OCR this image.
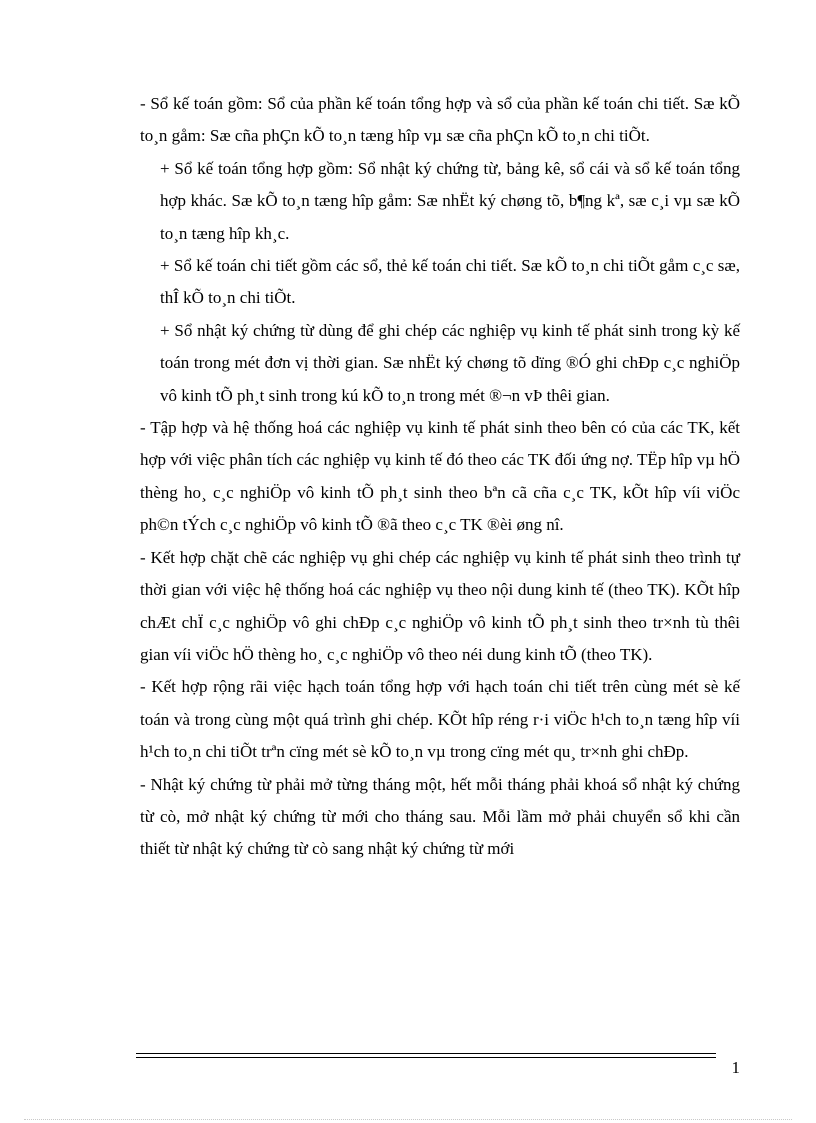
- Sổ kế toán gồm: Sổ của phần kế toán tổng hợp và sổ của phần kế toán chi tiết. Sæ kÕ to¸n gåm: Sæ cña phÇn kÕ to¸n tæng hîp vµ sæ cña phÇn kÕ to¸n chi tiÕt.

+ Sổ kế toán tổng hợp gồm: Sổ nhật ký chứng từ, bảng kê, sổ cái và sổ kế toán tổng hợp khác. Sæ kÕ to¸n tæng hîp gåm: Sæ nhËt ký chøng tõ, b¶ng kª, sæ c¸i vµ sæ kÕ to¸n tæng hîp kh¸c.

+ Sổ kế toán chi tiết gồm các sổ, thẻ kế toán chi tiết. Sæ kÕ to¸n chi tiÕt gåm c¸c sæ, thÎ kÕ to¸n chi tiÕt.

+ Sổ nhật ký chứng từ dùng để ghi chép các nghiệp vụ kinh tế phát sinh trong kỳ kế toán trong mét đơn vị thời gian. Sæ nhËt ký chøng tõ dïng ®Ó ghi chÐp c¸c nghiÖp vô kinh tÕ ph¸t sinh trong kú kÕ to¸n trong mét ®¬n vÞ thêi gian.

- Tập hợp và hệ thống hoá các nghiệp vụ kinh tế phát sinh theo bên có của các TK, kết hợp với việc phân tích các nghiệp vụ kinh tế đó theo các TK đối ứng nợ. TËp hîp vµ hÖ thèng ho¸ c¸c nghiÖp vô kinh tÕ ph¸t sinh theo bªn cã cña c¸c TK, kÕt hîp víi viÖc ph©n tÝch c¸c nghiÖp vô kinh tÕ ®ã theo c¸c TK ®èi øng nî.

- Kết hợp chặt chẽ các nghiệp vụ ghi chép các nghiệp vụ kinh tế phát sinh theo trình tự thời gian với việc hệ thống hoá các nghiệp vụ theo nội dung kinh tế (theo TK). KÕt hîp chÆt chÏ c¸c nghiÖp vô ghi chÐp c¸c nghiÖp vô kinh tÕ ph¸t sinh theo tr×nh tù thêi gian víi viÖc hÖ thèng ho¸ c¸c nghiÖp vô theo néi dung kinh tÕ (theo TK).

- Kết hợp rộng rãi việc hạch toán tổng hợp với hạch toán chi tiết trên cùng mét sè kế toán và trong cùng một quá trình ghi chép. KÕt hîp réng r·i viÖc h¹ch to¸n tæng hîp víi h¹ch to¸n chi tiÕt trªn cïng mét sè kÕ to¸n vµ trong cïng mét qu¸ tr×nh ghi chÐp.

- Nhật ký chứng từ phải mở từng tháng một, hết mỗi tháng phải khoá sổ nhật ký chứng từ cò, mở nhật ký chứng từ mới cho tháng sau. Mỗi lầm mở phải chuyển sổ khi cần thiết từ nhật ký chứng từ cò sang nhật ký chứng từ mới

1
